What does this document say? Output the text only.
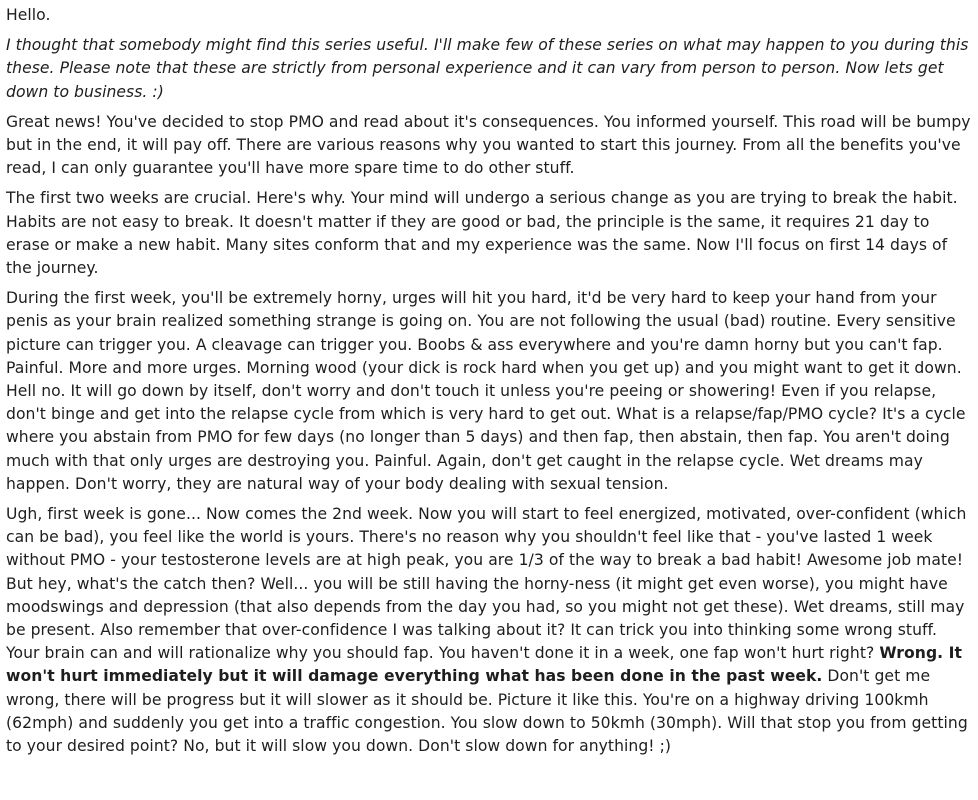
Hello.

I thought that somebody might find this series useful. I'll make few of these series on what may happen to you during this these. Please note that these are strictly from personal experience and it can vary from person to person. Now lets get down to business. :)

Great news! You've decided to stop PMO and read about it's consequences. You informed yourself. This road will be bumpy but in the end, it will pay off. There are various reasons why you wanted to start this journey. From all the benefits you've read, I can only guarantee you'll have more spare time to do other stuff.

The first two weeks are crucial. Here's why. Your mind will undergo a serious change as you are trying to break the habit. Habits are not easy to break. It doesn't matter if they are good or bad, the principle is the same, it requires 21 day to erase or make a new habit. Many sites conform that and my experience was the same. Now I'll focus on first 14 days of the journey.

During the first week, you'll be extremely horny, urges will hit you hard, it'd be very hard to keep your hand from your penis as your brain realized something strange is going on. You are not following the usual (bad) routine. Every sensitive picture can trigger you. A cleavage can trigger you. Boobs & ass everywhere and you're damn horny but you can't fap. Painful. More and more urges. Morning wood (your dick is rock hard when you get up) and you might want to get it down. Hell no. It will go down by itself, don't worry and don't touch it unless you're peeing or showering! Even if you relapse, don't binge and get into the relapse cycle from which is very hard to get out. What is a relapse/fap/PMO cycle? It's a cycle where you abstain from PMO for few days (no longer than 5 days) and then fap, then abstain, then fap. You aren't doing much with that only urges are destroying you. Painful. Again, don't get caught in the relapse cycle. Wet dreams may happen. Don't worry, they are natural way of your body dealing with sexual tension.

Ugh, first week is gone... Now comes the 2nd week. Now you will start to feel energized, motivated, over-confident (which can be bad), you feel like the world is yours. There's no reason why you shouldn't feel like that - you've lasted 1 week without PMO - your testosterone levels are at high peak, you are 1/3 of the way to break a bad habit! Awesome job mate! But hey, what's the catch then? Well... you will be still having the horny-ness (it might get even worse), you might have moodswings and depression (that also depends from the day you had, so you might not get these). Wet dreams, still may be present. Also remember that over-confidence I was talking about it? It can trick you into thinking some wrong stuff. Your brain can and will rationalize why you should fap. You haven't done it in a week, one fap won't hurt right? Wrong. It won't hurt immediately but it will damage everything what has been done in the past week. Don't get me wrong, there will be progress but it will slower as it should be. Picture it like this. You're on a highway driving 100kmh (62mph) and suddenly you get into a traffic congestion. You slow down to 50kmh (30mph). Will that stop you from getting to your desired point? No, but it will slow you down. Don't slow down for anything! ;)
